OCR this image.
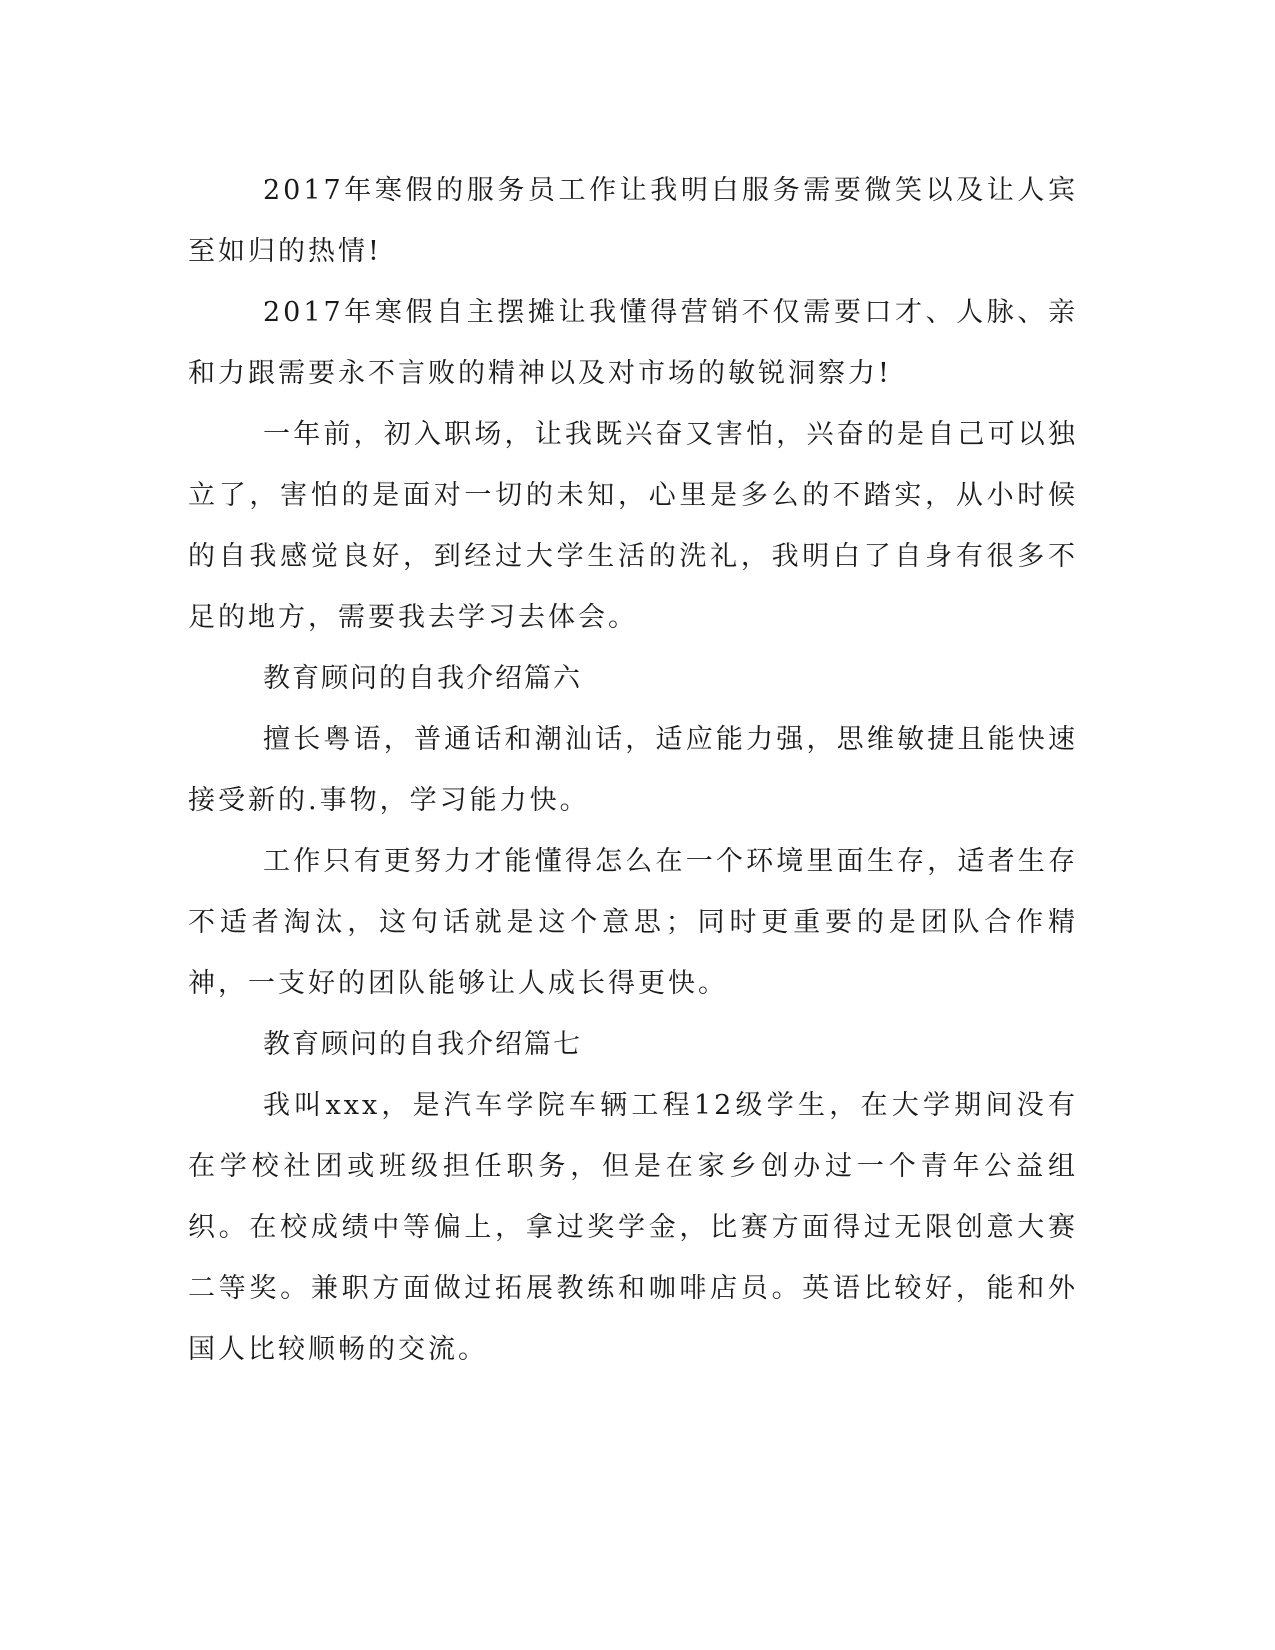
2017年寒假的服务员工作让我明白服务需要微笑以及让人宾至如归的热情!

2017年寒假自主摆摊让我懂得营销不仅需要口才、人脉、亲和力跟需要永不言败的精神以及对市场的敏锐洞察力!

一年前，初入职场，让我既兴奋又害怕，兴奋的是自己可以独立了，害怕的是面对一切的未知，心里是多么的不踏实，从小时候的自我感觉良好，到经过大学生活的洗礼，我明白了自身有很多不足的地方，需要我去学习去体会。

教育顾问的自我介绍篇六

擅长粤语，普通话和潮汕话，适应能力强，思维敏捷且能快速接受新的.事物，学习能力快。

工作只有更努力才能懂得怎么在一个环境里面生存，适者生存不适者淘汰，这句话就是这个意思；同时更重要的是团队合作精神，一支好的团队能够让人成长得更快。

教育顾问的自我介绍篇七

我叫xxx，是汽车学院车辆工程12级学生，在大学期间没有在学校社团或班级担任职务，但是在家乡创办过一个青年公益组织。在校成绩中等偏上，拿过奖学金，比赛方面得过无限创意大赛二等奖。兼职方面做过拓展教练和咖啡店员。英语比较好，能和外国人比较顺畅的交流。
